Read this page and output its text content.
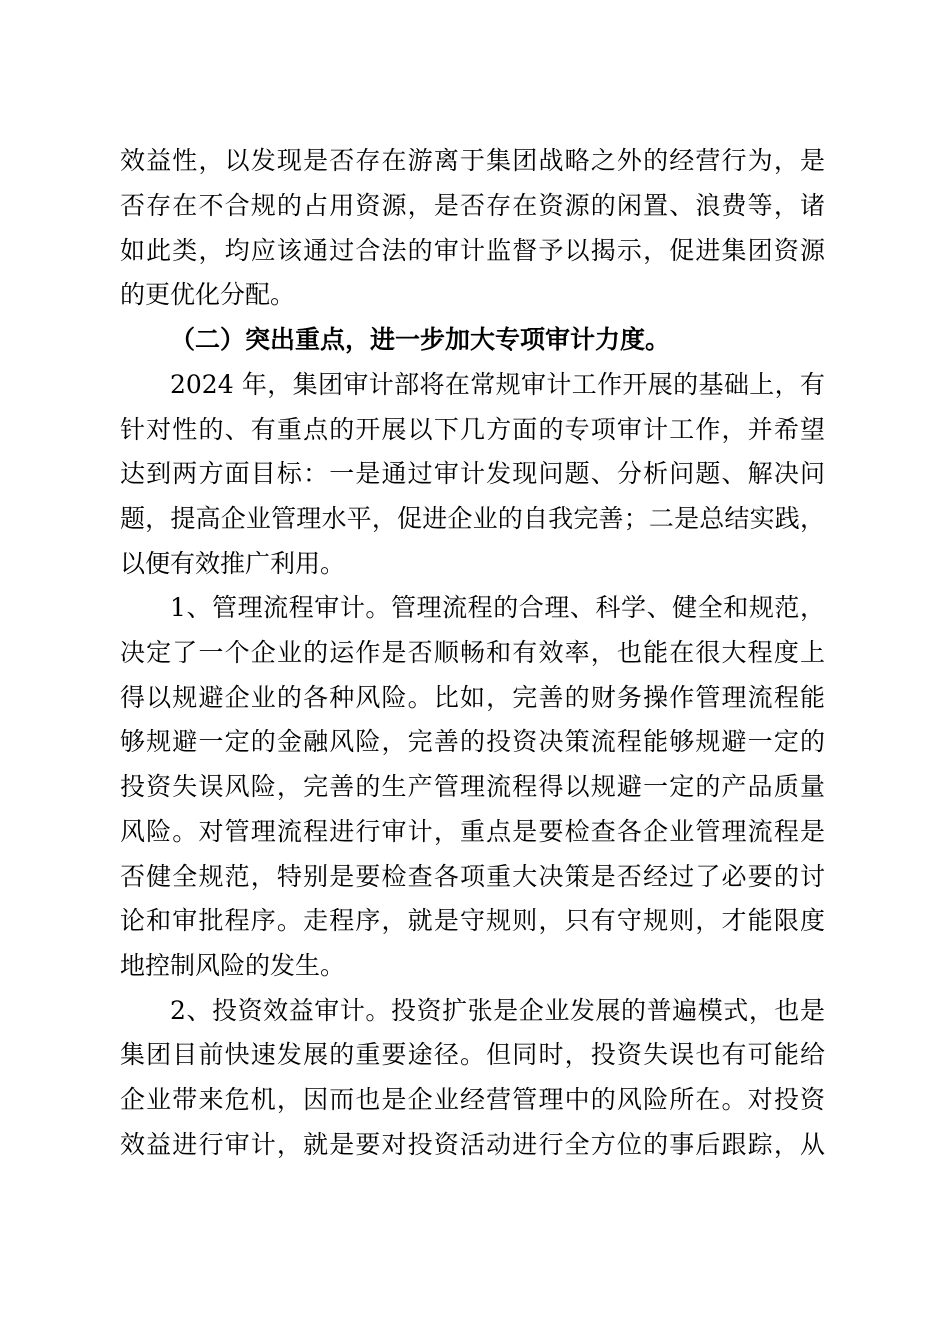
效益性，以发现是否存在游离于集团战略之外的经营行为，是
否存在不合规的占用资源，是否存在资源的闲置、浪费等，诸
如此类，均应该通过合法的审计监督予以揭示，促进集团资源
的更优化分配。
（二）突出重点，进一步加大专项审计力度。
2024 年，集团审计部将在常规审计工作开展的基础上，有
针对性的、有重点的开展以下几方面的专项审计工作，并希望
达到两方面目标：一是通过审计发现问题、分析问题、解决问
题，提高企业管理水平，促进企业的自我完善；二是总结实践，
以便有效推广利用。
1、管理流程审计。管理流程的合理、科学、健全和规范，
决定了一个企业的运作是否顺畅和有效率，也能在很大程度上
得以规避企业的各种风险。比如，完善的财务操作管理流程能
够规避一定的金融风险，完善的投资决策流程能够规避一定的
投资失误风险，完善的生产管理流程得以规避一定的产品质量
风险。对管理流程进行审计，重点是要检查各企业管理流程是
否健全规范，特别是要检查各项重大决策是否经过了必要的讨
论和审批程序。走程序，就是守规则，只有守规则，才能限度
地控制风险的发生。
2、投资效益审计。投资扩张是企业发展的普遍模式，也是
集团目前快速发展的重要途径。但同时，投资失误也有可能给
企业带来危机，因而也是企业经营管理中的风险所在。对投资
效益进行审计，就是要对投资活动进行全方位的事后跟踪，从
